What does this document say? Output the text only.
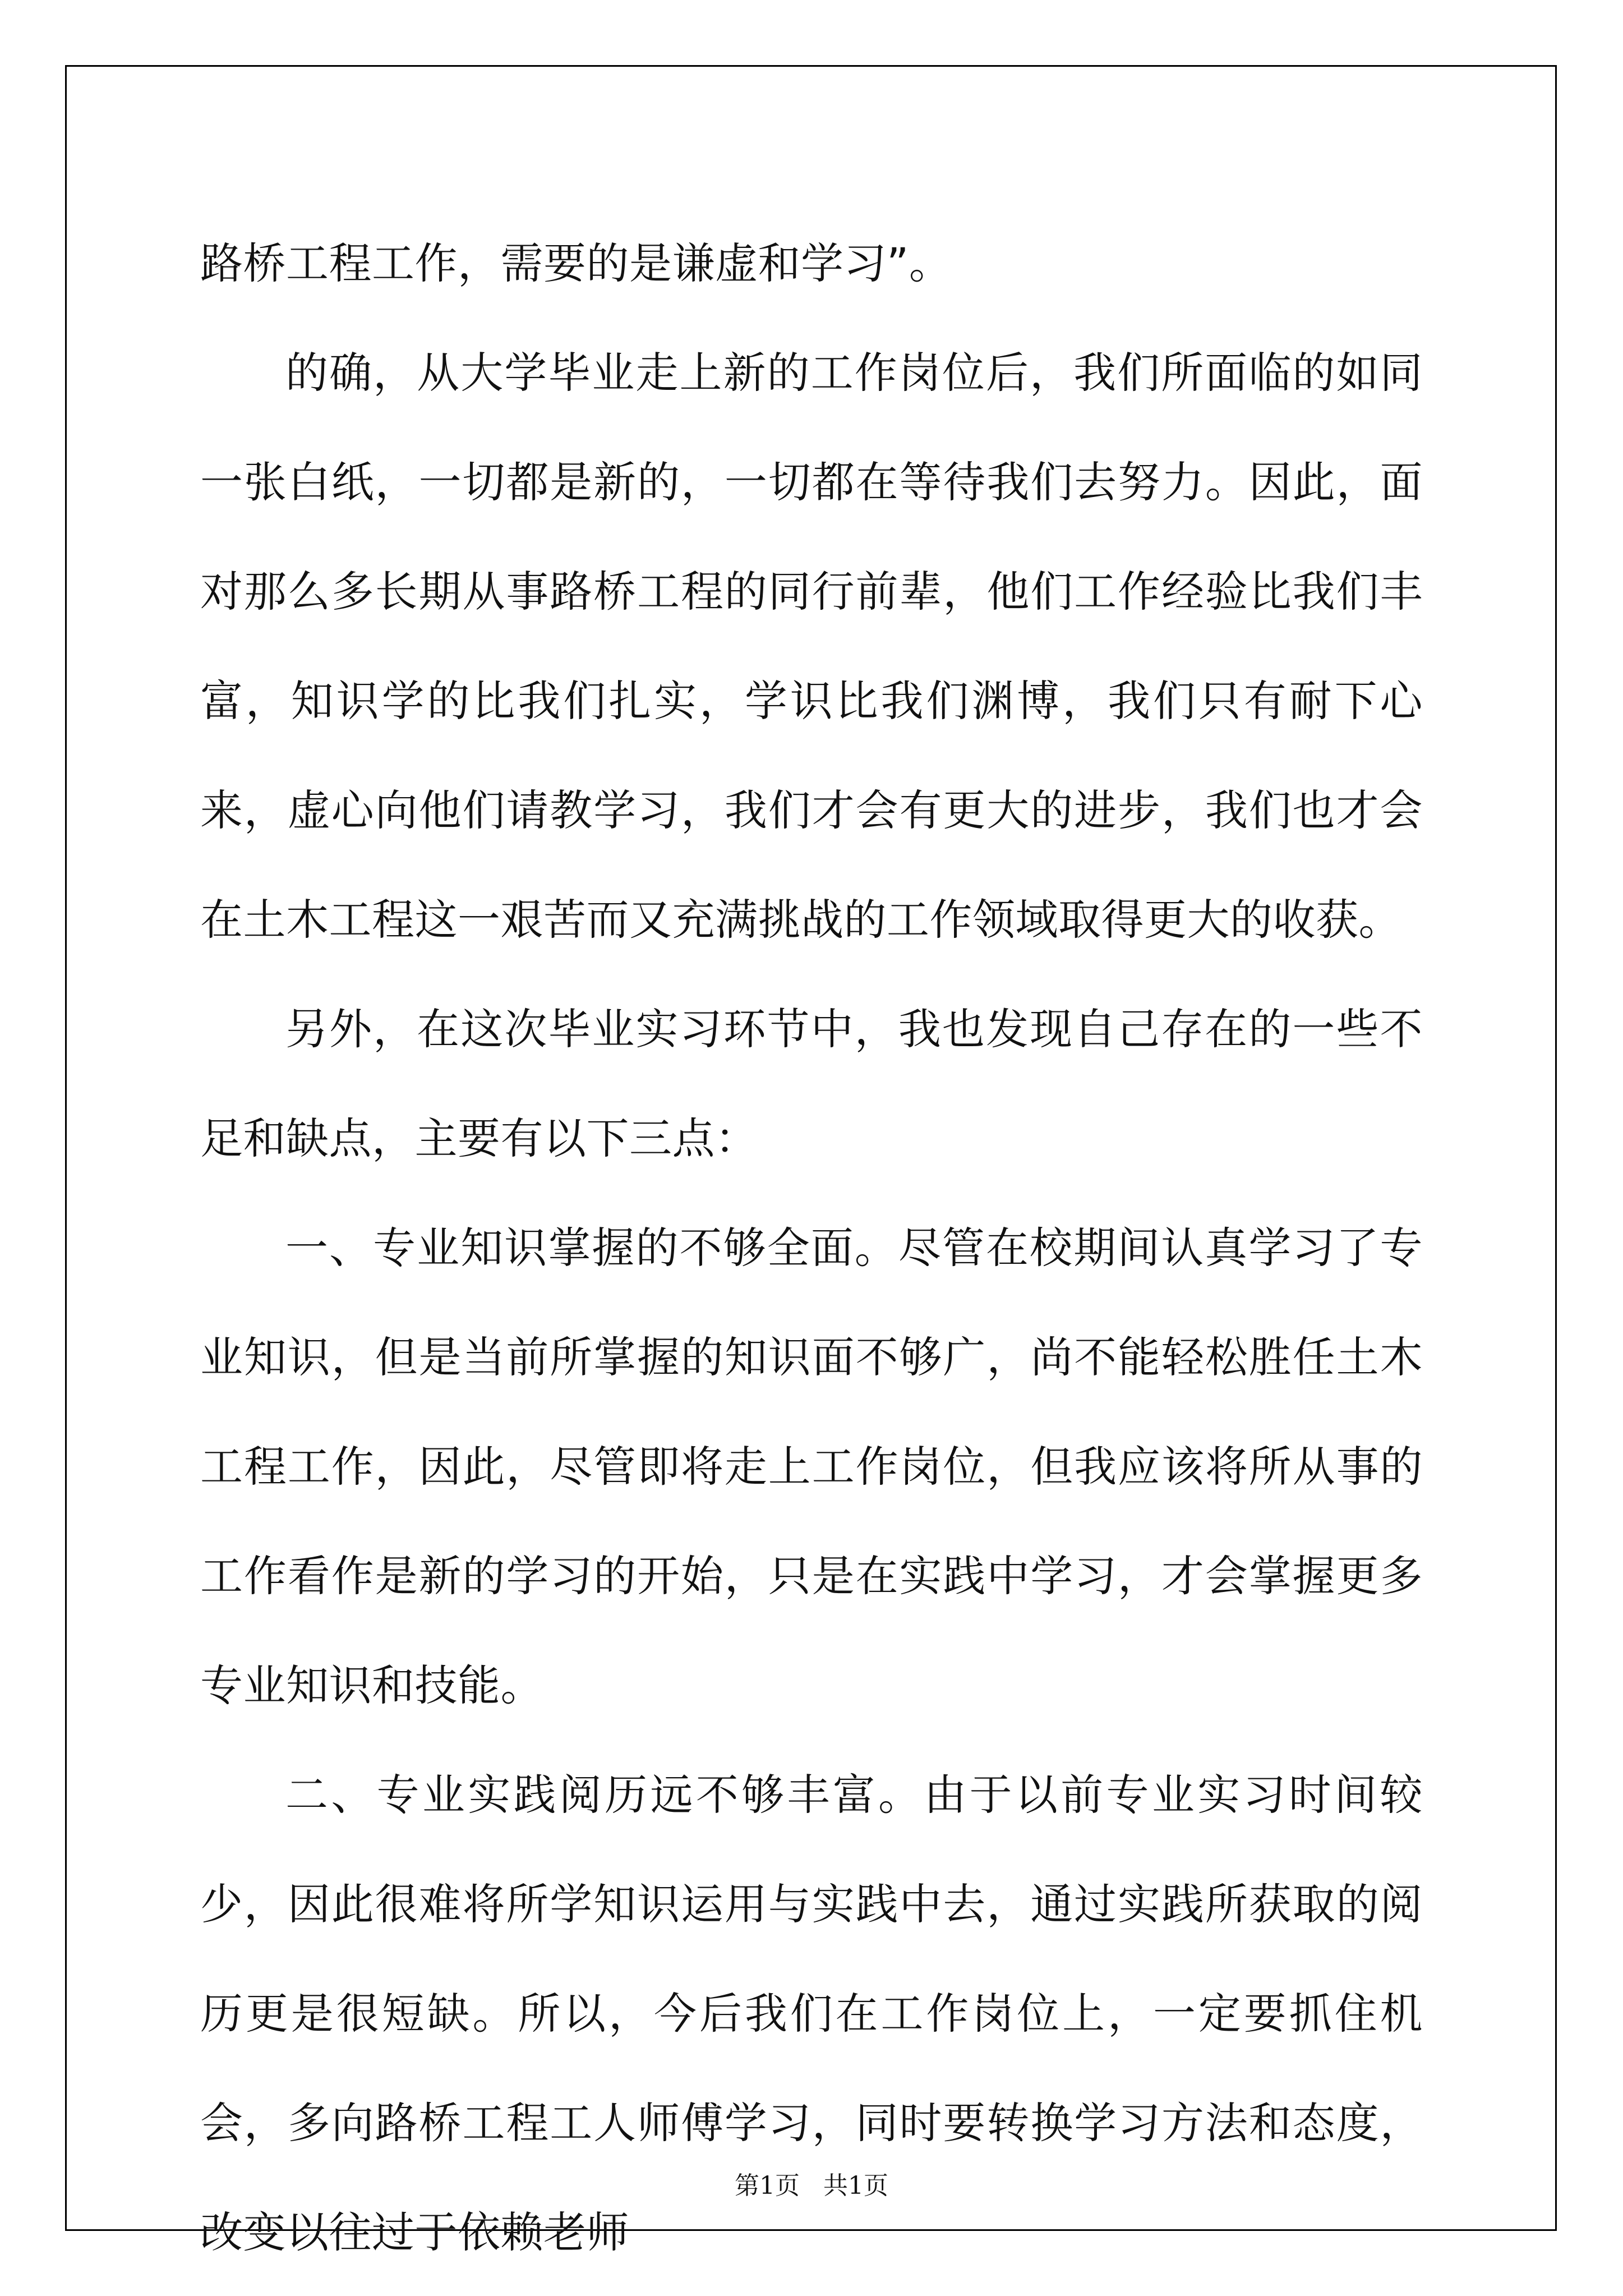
路桥工程工作，需要的是谦虚和学习”。

的确，从大学毕业走上新的工作岗位后，我们所面临的如同一张白纸，一切都是新的，一切都在等待我们去努力。因此，面对那么多长期从事路桥工程的同行前辈，他们工作经验比我们丰富，知识学的比我们扎实，学识比我们渊博，我们只有耐下心来，虚心向他们请教学习，我们才会有更大的进步，我们也才会在土木工程这一艰苦而又充满挑战的工作领域取得更大的收获。

另外，在这次毕业实习环节中，我也发现自己存在的一些不足和缺点，主要有以下三点：

一、专业知识掌握的不够全面。尽管在校期间认真学习了专业知识，但是当前所掌握的知识面不够广，尚不能轻松胜任土木工程工作，因此，尽管即将走上工作岗位，但我应该将所从事的工作看作是新的学习的开始，只是在实践中学习，才会掌握更多专业知识和技能。

二、专业实践阅历远不够丰富。由于以前专业实习时间较少，因此很难将所学知识运用与实践中去，通过实践所获取的阅历更是很短缺。所以，今后我们在工作岗位上，一定要抓住机会，多向路桥工程工人师傅学习，同时要转换学习方法和态度，改变以往过于依赖老师

第1页   共1页
